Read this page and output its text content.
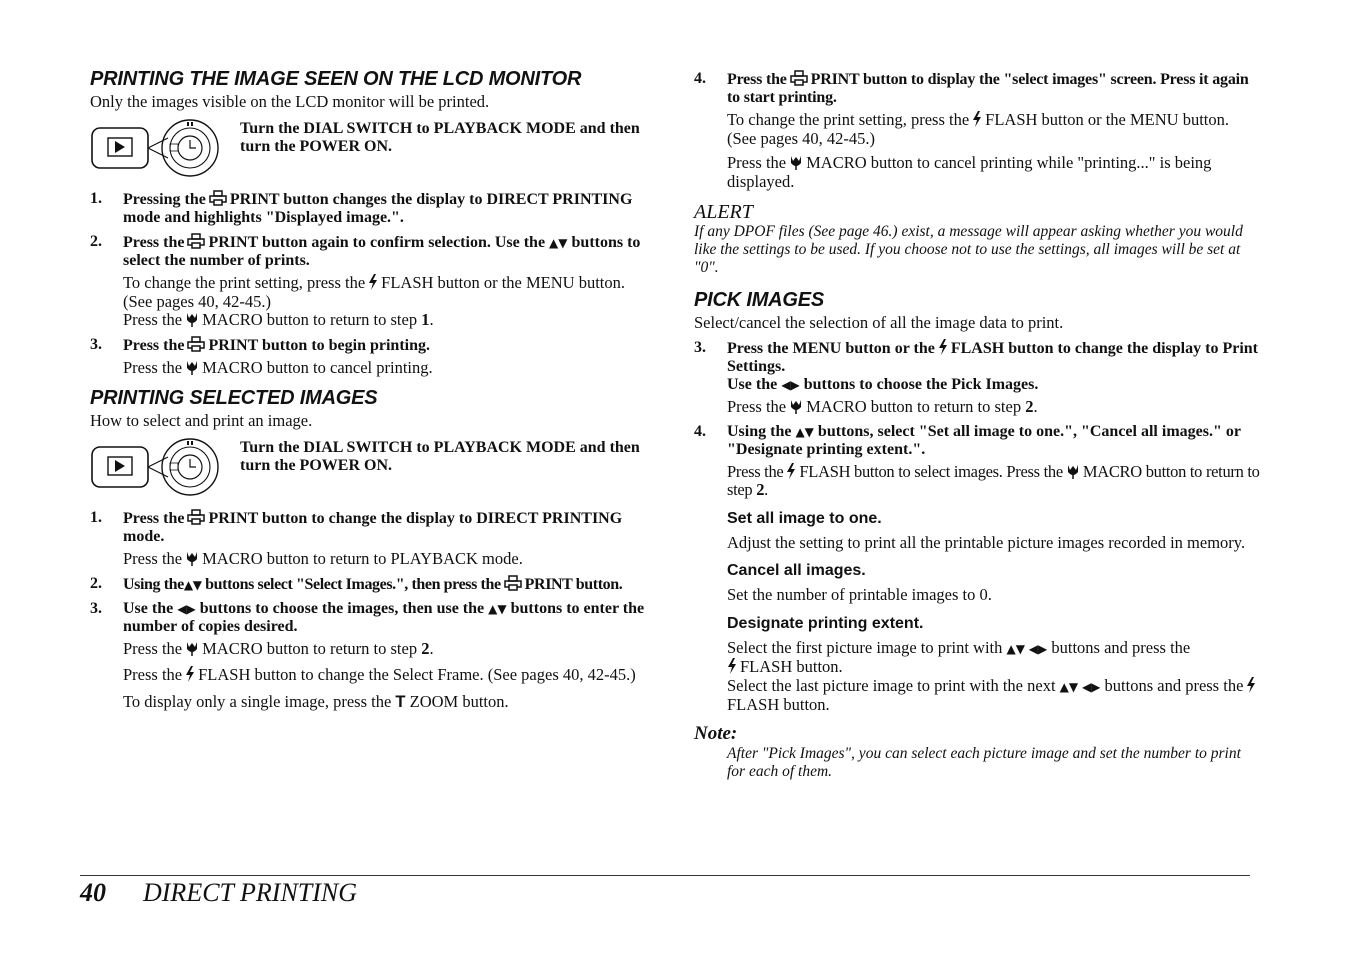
PRINTING THE IMAGE SEEN ON THE LCD MONITOR

Only the images visible on the LCD monitor will be printed.

Turn the DIAL SWITCH to PLAYBACK MODE and then turn the POWER ON.
1.	Pressing the PRINT button changes the display to DIRECT PRINTING mode and highlights "Displayed image.".
2.	Press the PRINT button again to confirm selection. Use the ▲▼ buttons to select the number of prints.
To change the print setting, press the FLASH button or the MENU button. (See pages 40, 42-45.)
Press the MACRO button to return to step 1.
3.	Press the PRINT button to begin printing.
Press the MACRO button to cancel printing.
PRINTING SELECTED IMAGES

How to select and print an image.

Turn the DIAL SWITCH to PLAYBACK MODE and then turn the POWER ON.
1.	Press the PRINT button to change the display to DIRECT PRINTING mode.
Press the MACRO button to return to PLAYBACK mode.
2.	Using the▲▼ buttons select "Select Images.", then press the PRINT button.
3.	Use the ◀▶ buttons to choose the images, then use the ▲▼ buttons to enter the number of copies desired.
Press the MACRO button to return to step 2.
Press the FLASH button to change the Select Frame. (See pages 40, 42-45.)
To display only a single image, press the T ZOOM button.
4.	Press the PRINT button to display the "select images" screen. Press it again to start printing.
To change the print setting, press the FLASH button or the MENU button. (See pages 40, 42-45.)
Press the MACRO button to cancel printing while "printing..." is being displayed.
ALERT
If any DPOF files (See page 46.) exist, a message will appear asking whether you would like the settings to be used. If you choose not to use the settings, all images will be set at "0".
PICK IMAGES

Select/cancel the selection of all the image data to print.

3.	Press the MENU button or the FLASH button to change the display to Print Settings.
Use the ◀▶ buttons to choose the Pick Images.
Press the MACRO button to return to step 2.
4.	Using the ▲▼ buttons, select "Set all image to one.", "Cancel all images." or "Designate printing extent.".
Press the FLASH button to select images. Press the MACRO button to return to step 2.
Set all image to one.
Adjust the setting to print all the printable picture images recorded in memory.
Cancel all images.
Set the number of printable images to 0.
Designate printing extent.
Select the first picture image to print with ▲▼ ◀▶ buttons and press the
FLASH button.
Select the last picture image to print with the next ▲▼ ◀▶ buttons and press theFLASH button.
Note:
After "Pick Images", you can select each picture image and set the number to print for each of them.
40 DIRECT PRINTING
